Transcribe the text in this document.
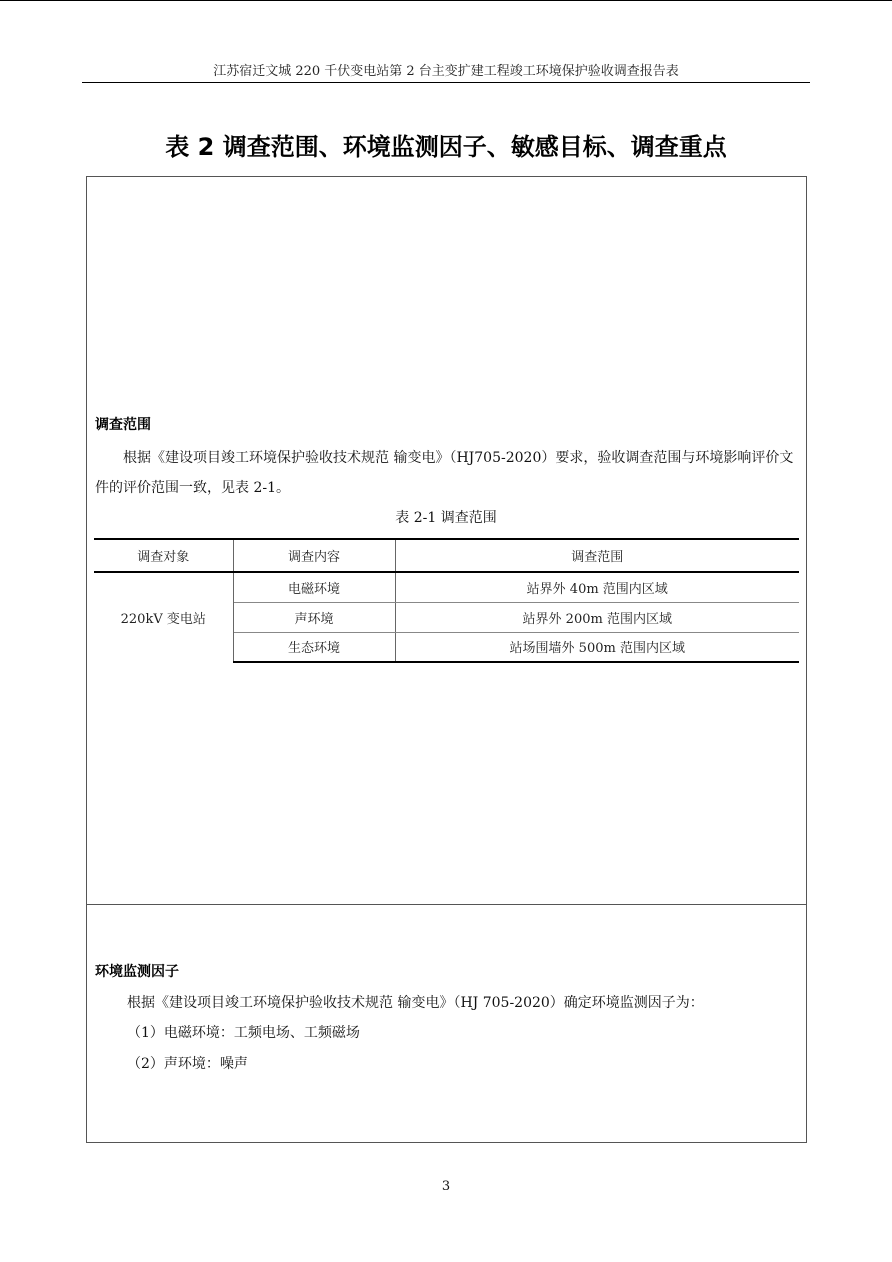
江苏宿迁文城 220 千伏变电站第 2 台主变扩建工程竣工环境保护验收调查报告表
表 2 调查范围、环境监测因子、敏感目标、调查重点
调查范围
根据《建设项目竣工环境保护验收技术规范 输变电》（HJ705-2020）要求，验收调查范围与环境影响评价文件的评价范围一致，见表 2-1。
表 2-1 调查范围
调查对象	调查内容	调查范围
220kV 变电站	电磁环境	站界外 40m 范围内区域
	声环境	站界外 200m 范围内区域
	生态环境	站场围墙外 500m 范围内区域
环境监测因子
根据《建设项目竣工环境保护验收技术规范 输变电》（HJ 705-2020）确定环境监测因子为：
（1）电磁环境：工频电场、工频磁场
（2）声环境：噪声
3
